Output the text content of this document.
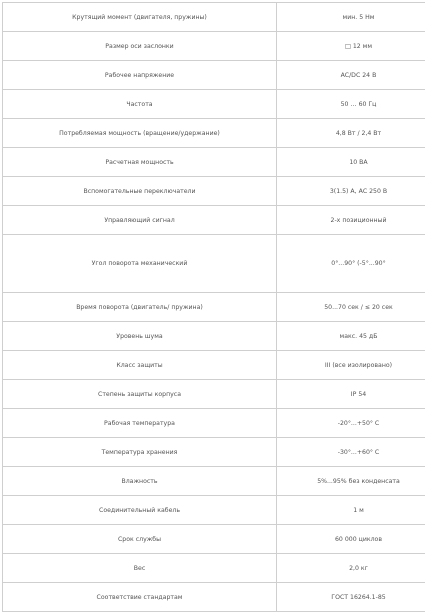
Крутящий момент (двигателя, пружины)	мин. 5 Нм
Размер оси заслонки	□ 12 мм
Рабочее напряжение	AC/DC 24 В
Частота	50 … 60 Гц
Потребляемая мощность (вращение/удержание)	4,8 Вт / 2,4 Вт
Расчетная мощность	10 ВА
Вспомогательные переключатели	3(1.5) А, АС 250 В
Управляющий сигнал	2-х позиционный
Угол поворота механический	0°...90° (-5°...90°
Время поворота (двигатель/ пружина)	50...70 сек / ≤ 20 сек
Уровень шума	макс. 45 дБ
Класс защиты	III (все изолировано)
Степень защиты корпуса	IP 54
Рабочая температура	-20°...+50° С
Температура хранения	-30°...+60° С
Влажность	5%...95% без конденсата
Соединительный кабель	1 м
Срок службы	60 000 циклов
Вес	2,0 кг
Соответствие стандартам	ГОСТ 16264.1-85
